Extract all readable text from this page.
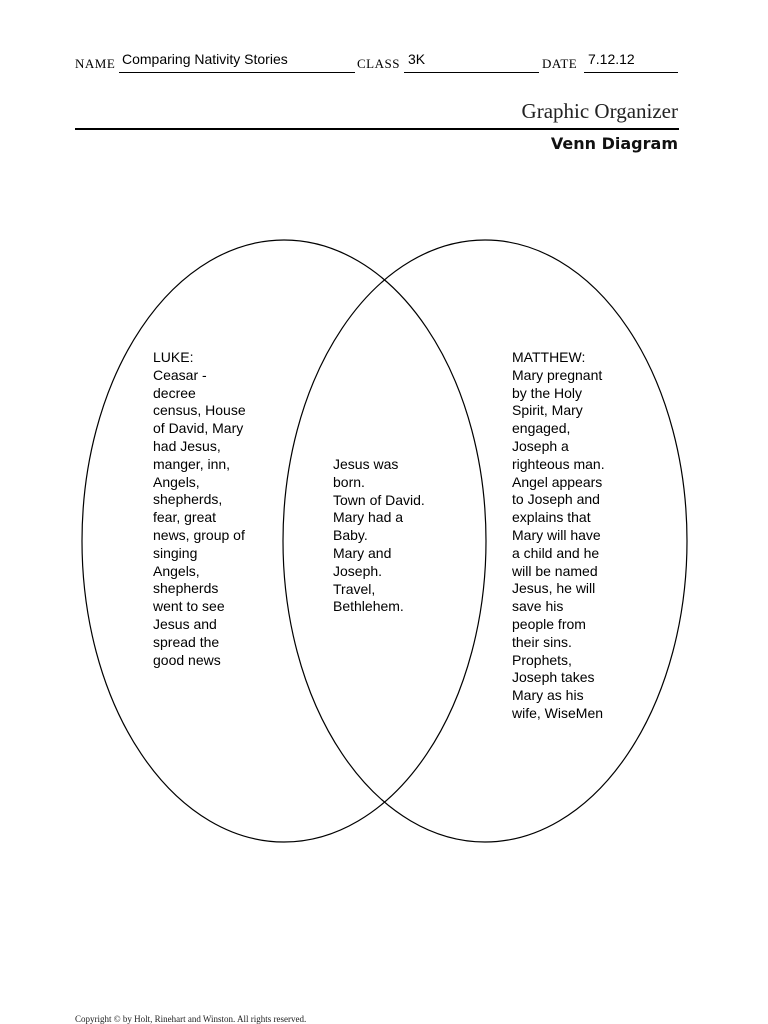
NAME Comparing Nativity Stories	CLASS 3K	DATE 7.12.12
Graphic Organizer
Venn Diagram
LUKE:
Ceasar -
decree
census, House
of David, Mary
had Jesus,
manger, inn,
Angels,
shepherds,
fear, great
news, group of
singing
Angels,
shepherds
went to see
Jesus and
spread the
good news
Jesus was
born.
Town of David.
Mary had a
Baby.
Mary and
Joseph.
Travel,
Bethlehem.
MATTHEW:
Mary pregnant
by the Holy
Spirit, Mary
engaged,
Joseph a
righteous man.
Angel appears
to Joseph and
explains that
Mary will have
a child and he
will be named
Jesus, he will
save his
people from
their sins.
Prophets,
Joseph takes
Mary as his
wife, WiseMen
Copyright © by Holt, Rinehart and Winston. All rights reserved.
